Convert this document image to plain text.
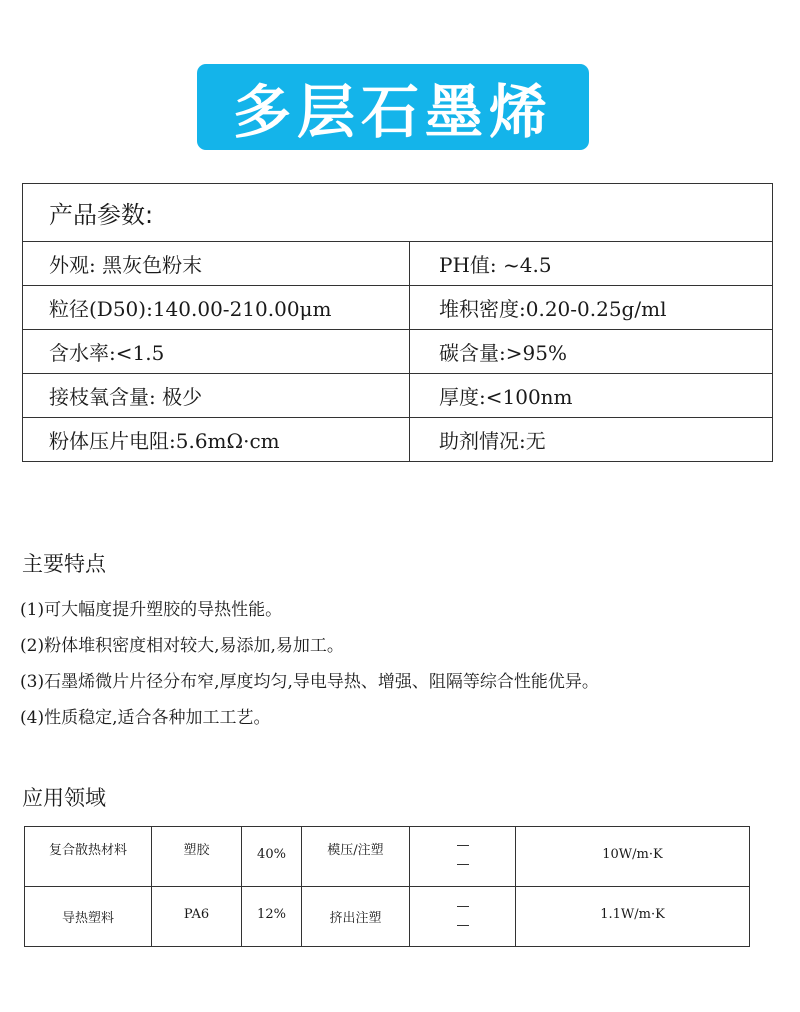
多层石墨烯
产品参数:
外观: 黑灰色粉末	PH值: ~4.5
粒径(D50):140.00-210.00μm	堆积密度:0.20-0.25g/ml
含水率:<1.5	碳含量:>95%
接枝氧含量: 极少	厚度:<100nm
粉体压片电阻:5.6mΩ·cm	助剂情况:无
主要特点
(1)可大幅度提升塑胶的导热性能。
(2)粉体堆积密度相对较大,易添加,易加工。
(3)石墨烯微片片径分布窄,厚度均匀,导电导热、增强、阻隔等综合性能优异。
(4)性质稳定,适合各种加工工艺。
应用领域
复合散热材料	塑胶	40%	模压/注塑		10W/m·K
导热塑料	PA6	12%	挤出注塑		1.1W/m·K
